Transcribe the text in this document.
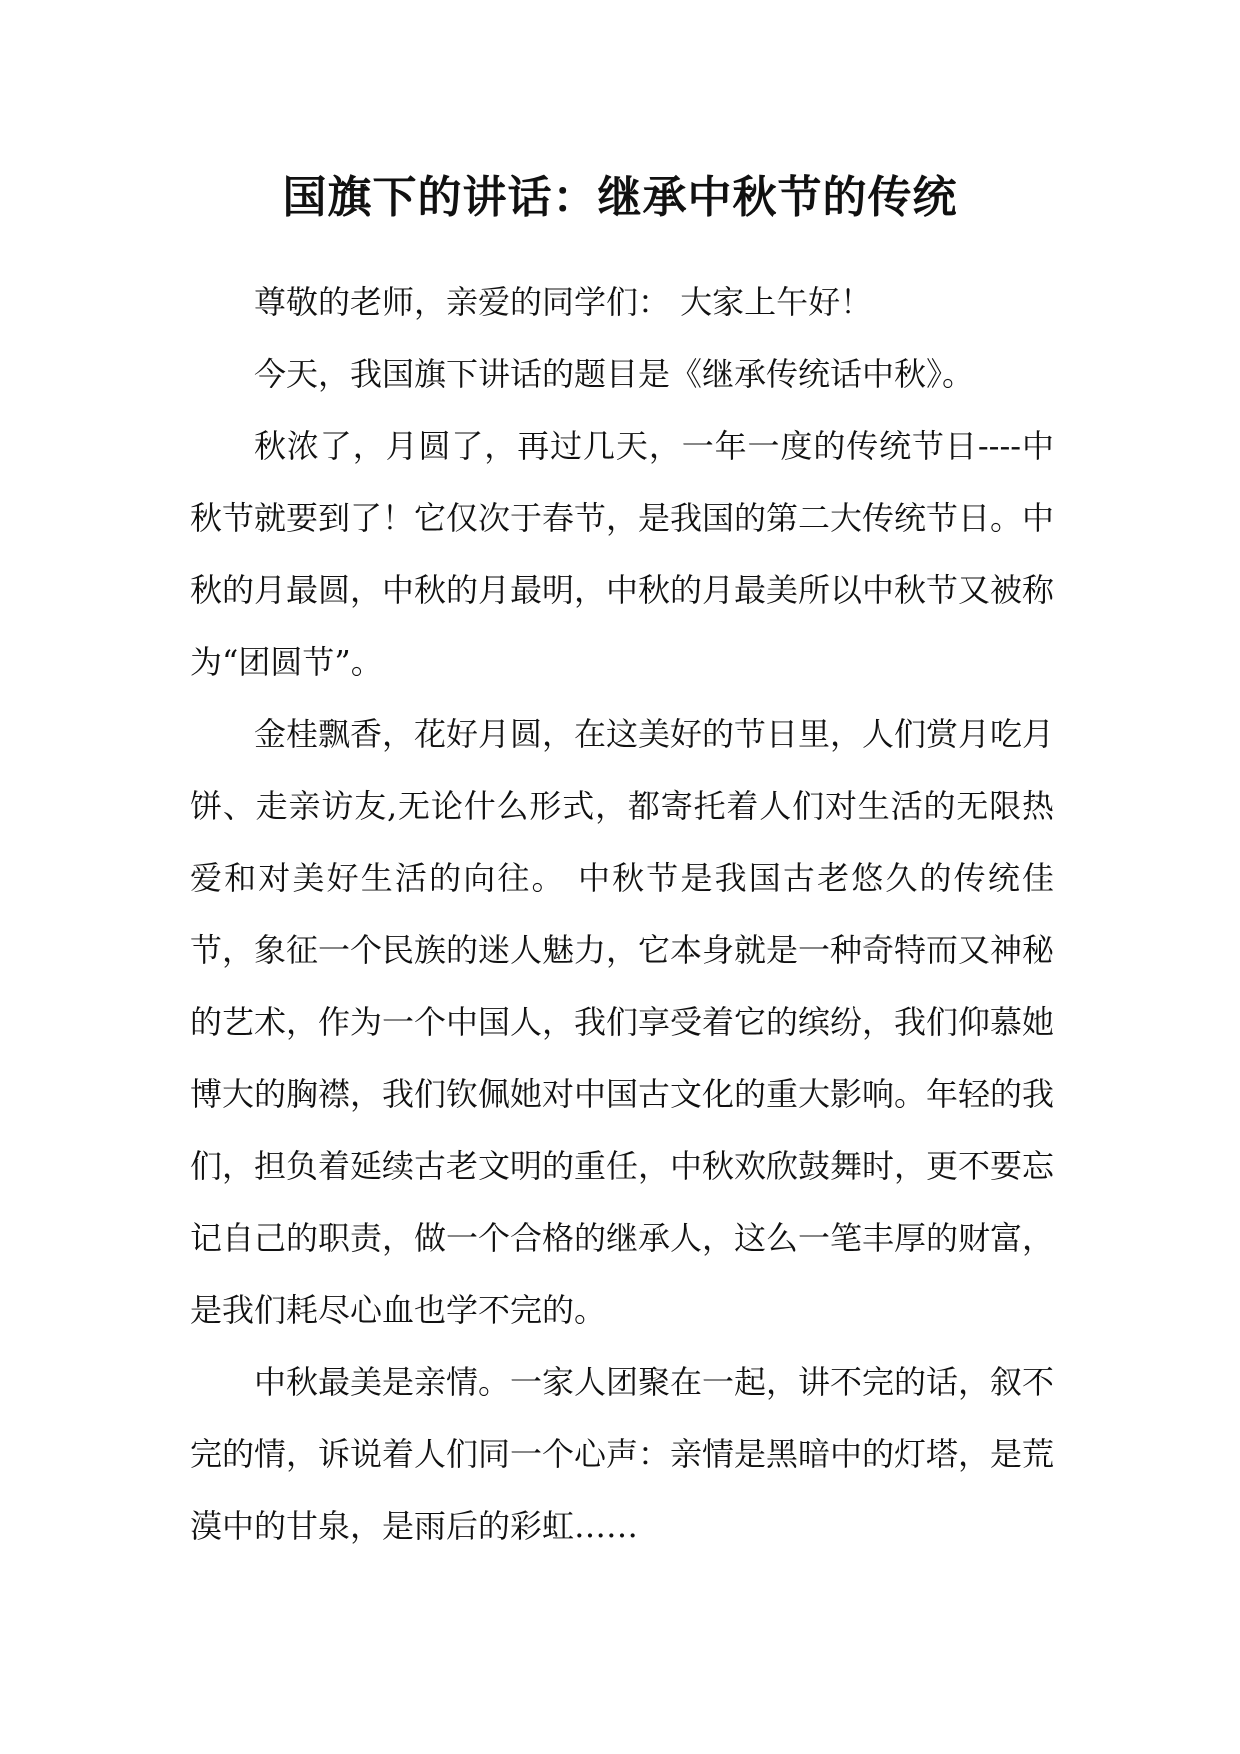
国旗下的讲话：继承中秋节的传统

尊敬的老师，亲爱的同学们： 大家上午好！

今天，我国旗下讲话的题目是《继承传统话中秋》。

秋浓了，月圆了，再过几天，一年一度的传统节日----中秋节就要到了！它仅次于春节，是我国的第二大传统节日。中秋的月最圆，中秋的月最明，中秋的月最美所以中秋节又被称为“团圆节”。

金桂飘香，花好月圆，在这美好的节日里，人们赏月吃月饼、走亲访友,无论什么形式，都寄托着人们对生活的无限热爱和对美好生活的向往。 中秋节是我国古老悠久的传统佳节，象征一个民族的迷人魅力，它本身就是一种奇特而又神秘的艺术，作为一个中国人，我们享受着它的缤纷，我们仰慕她博大的胸襟，我们钦佩她对中国古文化的重大影响。年轻的我们，担负着延续古老文明的重任，中秋欢欣鼓舞时，更不要忘记自己的职责，做一个合格的继承人，这么一笔丰厚的财富，是我们耗尽心血也学不完的。

中秋最美是亲情。一家人团聚在一起，讲不完的话，叙不完的情，诉说着人们同一个心声：亲情是黑暗中的灯塔，是荒漠中的甘泉，是雨后的彩虹……
